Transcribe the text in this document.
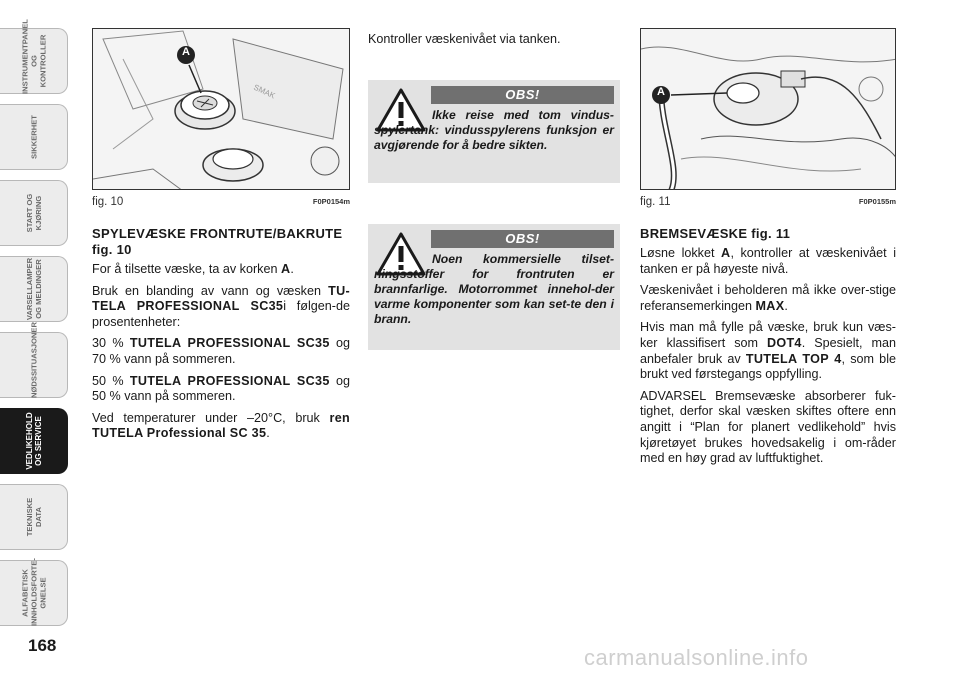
INSTRUMENTPANEL
OG KONTROLLER
SIKKERHET
START OG
KJØRING
VARSELLAMPER
OG MELDINGER
NØDSSITUASJONER
VEDLIKEHOLD
OG SERVICE
TEKNISKE
DATA
ALFABETISK
INNHOLDSFORTE-
GNELSE
168
SMAK
A
fig. 10	F0P0154m
A
fig. 11	F0P0155m
SPYLEVÆSKE FRONTRUTE/BAKRUTE fig. 10

For å tilsette væske, ta av korken A.

Bruk en blanding av vann og væsken TU-TELA PROFESSIONAL SC35i følgen-de prosentenheter:

30 % TUTELA PROFESSIONAL SC35 og 70 % vann på sommeren.

50 % TUTELA PROFESSIONAL SC35 og 50 % vann på sommeren.

Ved temperaturer under –20°C, bruk ren TUTELA Professional SC 35.

Kontroller væskenivået via tanken.

OBS!
Ikke reise med tom vindus-spylertank: vindusspylerens funksjon er avgjørende for å bedre sikten.
OBS!
Noen kommersielle tilset-ningsstoffer for frontruten er brannfarlige. Motorrommet innehol-der varme komponenter som kan set-te den i brann.
BREMSEVÆSKE fig. 11

Løsne lokket A, kontroller at væskenivået i tanken er på høyeste nivå.

Væskenivået i beholderen må ikke over-stige referansemerkingen MAX.

Hvis man må fylle på væske, bruk kun væs-ker klassifisert som DOT4. Spesielt, man anbefaler bruk av TUTELA TOP 4, som ble brukt ved førstegangs oppfylling.

ADVARSEL Bremsevæske absorberer fuk-tighet, derfor skal væsken skiftes oftere enn angitt i “Plan for planert vedlikehold” hvis kjøretøyet brukes hovedsakelig i om-råder med en høy grad av luftfuktighet.

carmanualsonline.info
